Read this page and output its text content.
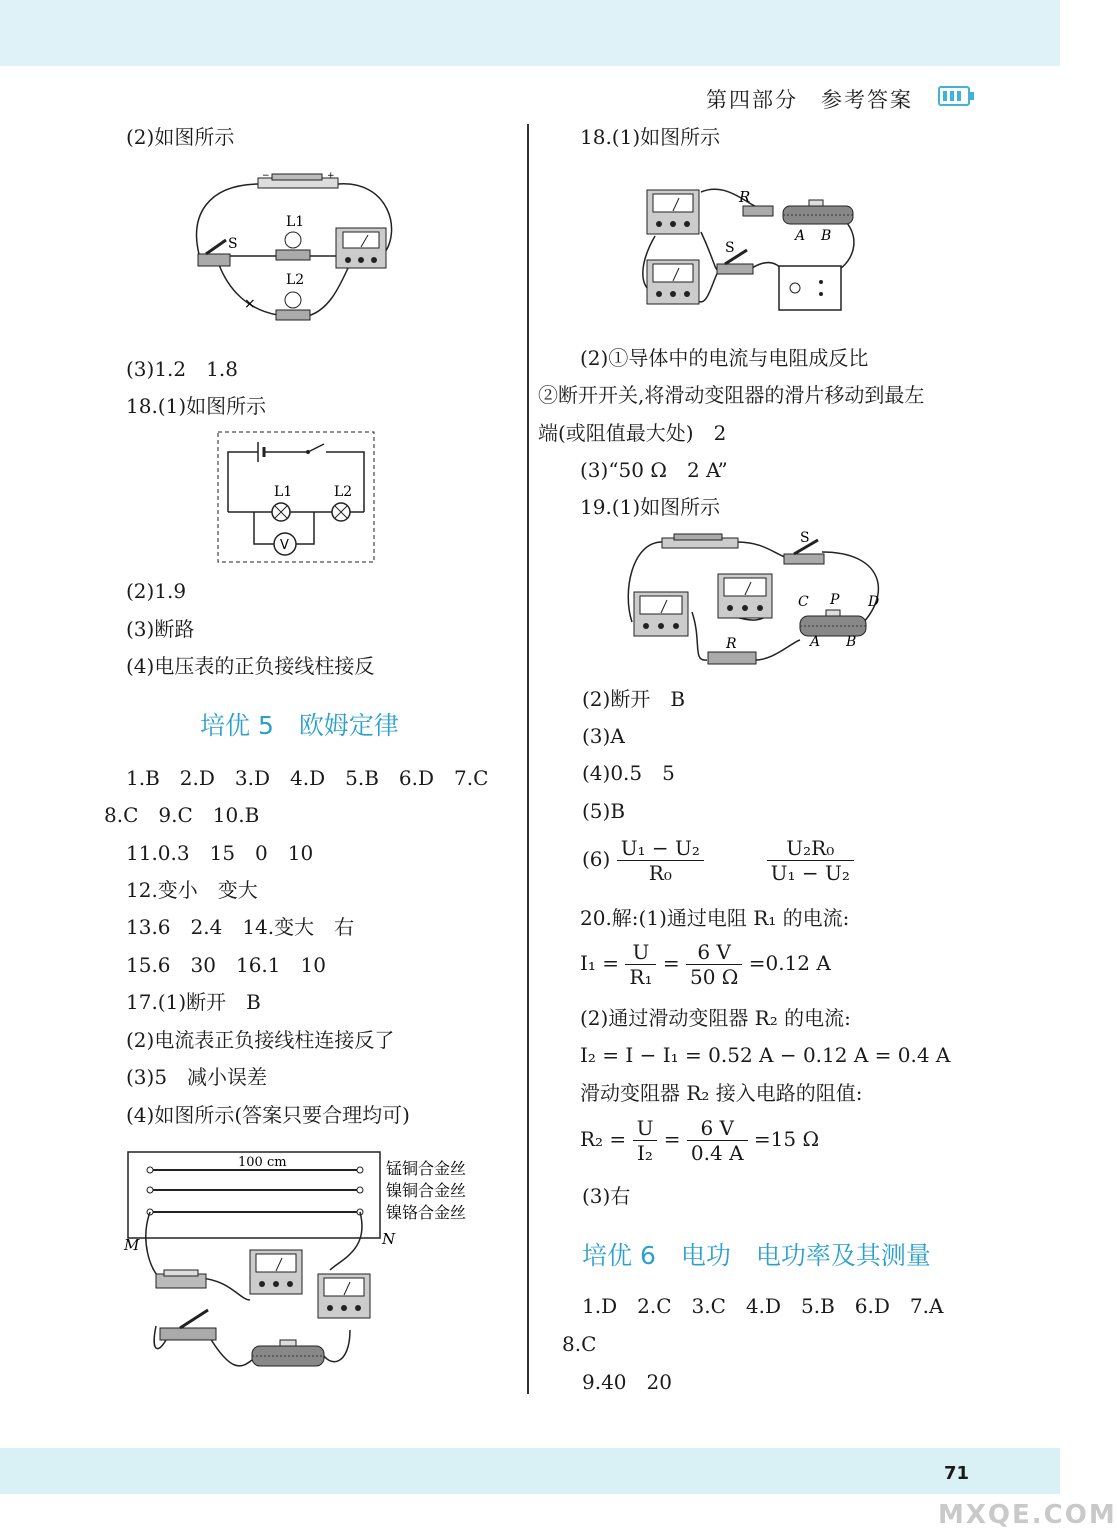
第四部分　参考答案
(2)如图所示
−	+
S
L1
×
L2
(3)1.2　1.8
18.(1)如图所示
L1	L2
V
(2)1.9
(3)断路
(4)电压表的正负接线柱接反
培优 5　欧姆定律
1.B　2.D　3.D　4.D　5.B　6.D　7.C
8.C　9.C　10.B
11.0.3　15　0　10
12.变小　变大
13.6　2.4　14.变大　右
15.6　30　16.1　10
17.(1)断开　B
(2)电流表正负接线柱连接反了
(3)5　减小误差
(4)如图所示(答案只要合理均可)
100 cm	锰铜合金丝
镍铜合金丝
镍铬合金丝
M	N
18.(1)如图所示
R
A B
S
(2)①导体中的电流与电阻成反比
②断开开关,将滑动变阻器的滑片移动到最左
端(或阻值最大处)　2
(3)“50 Ω　2 A”
19.(1)如图所示
S
C P D
A B
R
(2)断开　B
(3)A
(4)0.5　5
(5)B
$(6) \frac{\text{U₁ − U₂}}{\text{R₀}}$
	$\frac{\text{U₂R₀}}{\text{U₁ − U₂}}$
20.解:(1)通过电阻 R₁ 的电流:
$I_1 = \frac{U}{\text{R₁}} = \frac{6 V}{50 \Omega} =0.12$ A
(2)通过滑动变阻器 R₂ 的电流:
I₂ = I − I₁ = 0.52 A − 0.12 A = 0.4 A
滑动变阻器 R₂ 接入电路的阻值:
$R_2 = \frac{U}{\text{I₂}} = \frac{6 V}{0.4 A} =15$ Ω
(3)右
培优 6　电功　电功率及其测量
1.D　2.C　3.C　4.D　5.B　6.D　7.A
8.C
9.40　20
71
MXQE.COM
